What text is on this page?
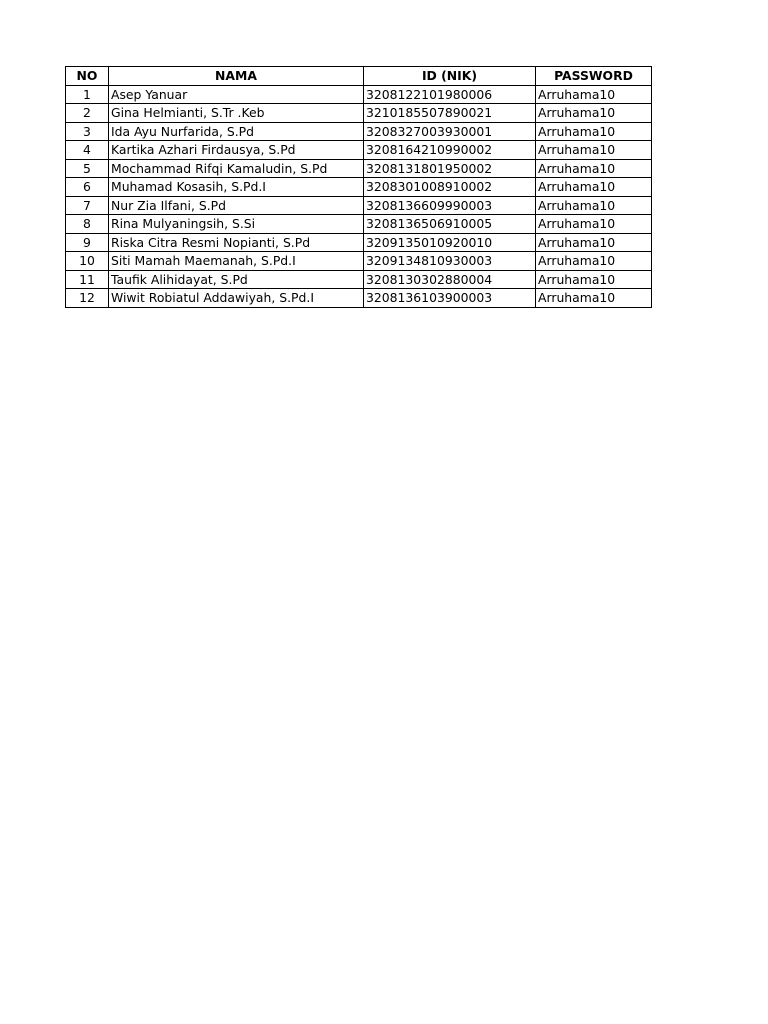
NO	NAMA	ID (NIK)	PASSWORD
1	Asep Yanuar	3208122101980006	Arruhama10
2	Gina Helmianti, S.Tr .Keb	3210185507890021	Arruhama10
3	Ida Ayu Nurfarida, S.Pd	3208327003930001	Arruhama10
4	Kartika Azhari Firdausya, S.Pd	3208164210990002	Arruhama10
5	Mochammad Rifqi Kamaludin, S.Pd	3208131801950002	Arruhama10
6	Muhamad Kosasih, S.Pd.I	3208301008910002	Arruhama10
7	Nur Zia Ilfani, S.Pd	3208136609990003	Arruhama10
8	Rina Mulyaningsih, S.Si	3208136506910005	Arruhama10
9	Riska Citra Resmi Nopianti, S.Pd	3209135010920010	Arruhama10
10	Siti Mamah Maemanah, S.Pd.I	3209134810930003	Arruhama10
11	Taufik Alihidayat, S.Pd	3208130302880004	Arruhama10
12	Wiwit Robiatul Addawiyah, S.Pd.I	3208136103900003	Arruhama10
